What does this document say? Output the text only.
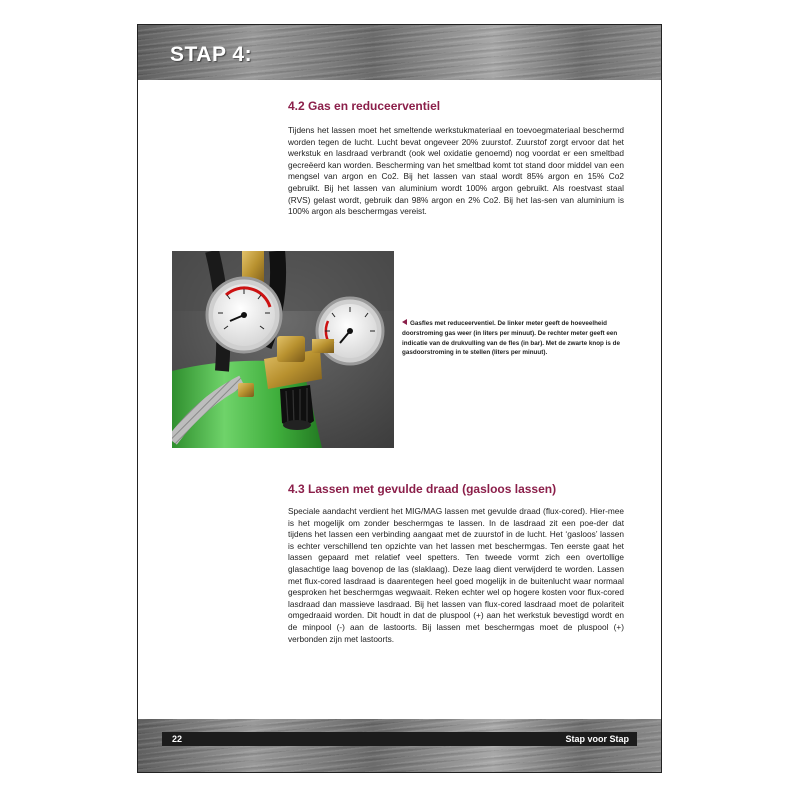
STAP 4:
4.2 Gas en reduceerventiel

Tijdens het lassen moet het smeltende werkstukmateriaal en toevoegmateriaal beschermd worden tegen de lucht. Lucht bevat ongeveer 20% zuurstof. Zuurstof zorgt ervoor dat het werkstuk en lasdraad verbrandt (ook wel oxidatie genoemd) nog voordat er een smeltbad gecreëerd kan worden. Bescherming van het smeltbad komt tot stand door middel van een mengsel van argon en Co2. Bij het lassen van staal wordt 85% argon en 15% Co2 gebruikt. Bij het lassen van aluminium wordt 100% argon gebruikt. Als roestvast staal (RVS) gelast wordt, gebruik dan 98% argon en 2% Co2. Bij het las-sen van aluminium is 100% argon als beschermgas vereist.

Gasfles met reduceerventiel. De linker meter geeft de hoeveelheid doorstroming gas weer (in liters per minuut). De rechter meter geeft een indicatie van de drukvulling van de fles (in bar). Met de zwarte knop is de gasdoorstroming in te stellen (liters per minuut).

4.3 Lassen met gevulde draad (gasloos lassen)

Speciale aandacht verdient het MIG/MAG lassen met gevulde draad (flux-cored). Hier-mee is het mogelijk om zonder beschermgas te lassen. In de lasdraad zit een poe-der dat tijdens het lassen een verbinding aangaat met de zuurstof in de lucht. Het ‘gasloos’ lassen is echter verschillend ten opzichte van het lassen met beschermgas. Ten eerste gaat het lassen gepaard met relatief veel spetters. Ten tweede vormt zich een overtollige glasachtige laag bovenop de las (slaklaag). Deze laag dient verwijderd te worden. Lassen met flux-cored lasdraad is daarentegen heel goed mogelijk in de buitenlucht waar normaal gesproken het beschermgas wegwaait. Reken echter wel op hogere kosten voor flux-cored lasdraad dan massieve lasdraad. Bij het lassen van flux-cored lasdraad moet de polariteit omgedraaid worden. Dit houdt in dat de pluspool (+) aan het werkstuk bevestigd wordt en de minpool (-) aan de lastoorts. Bij lassen met beschermgas moet de pluspool (+) verbonden zijn met lastoorts.

22	Stap voor Stap
